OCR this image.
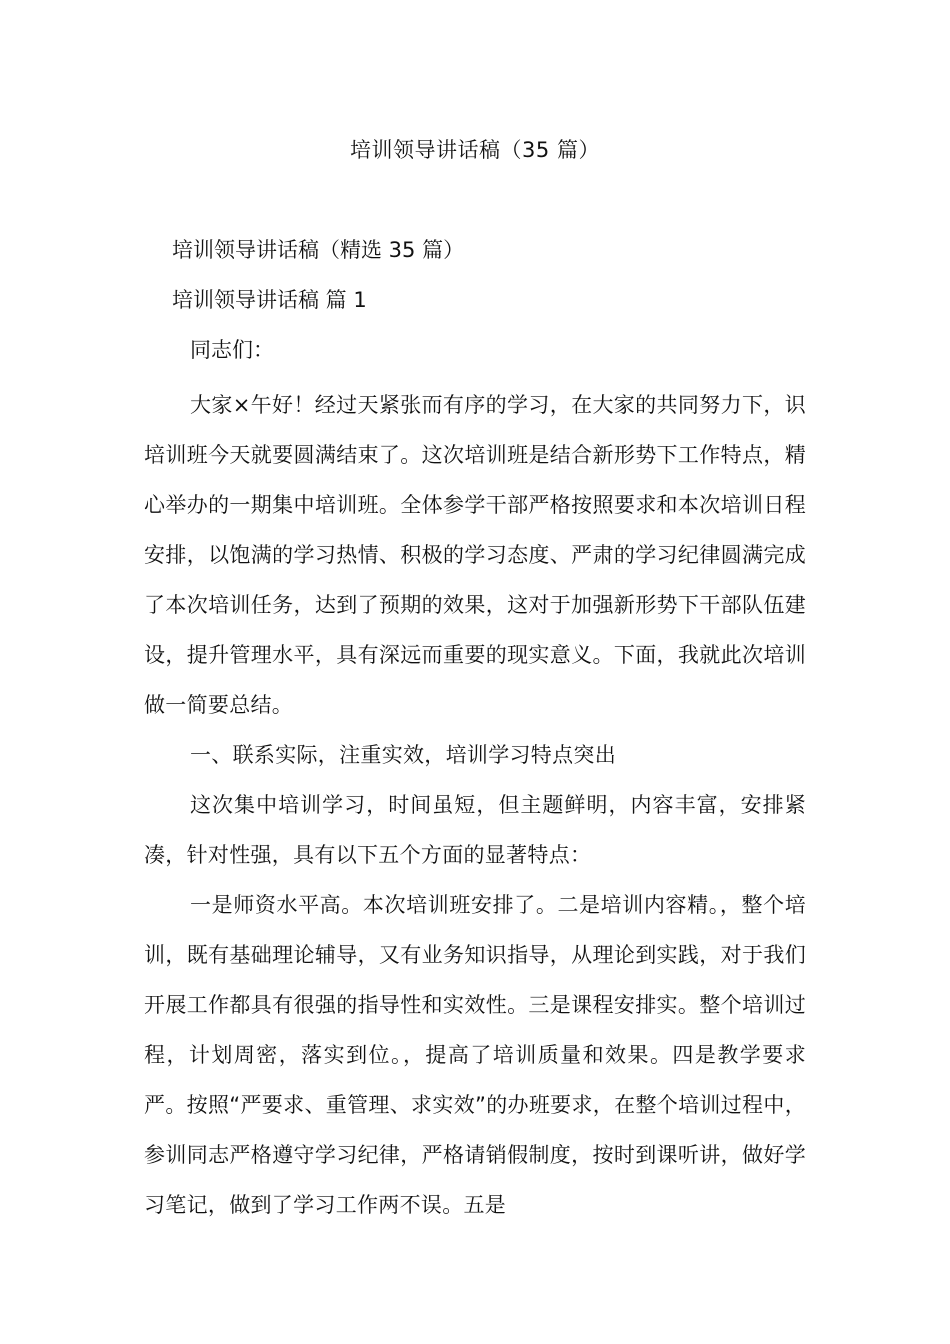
培训领导讲话稿（35 篇）
培训领导讲话稿（精选 35 篇）
培训领导讲话稿 篇 1
同志们：

大家×午好！经过天紧张而有序的学习，在大家的共同努力下，识培训班今天就要圆满结束了。这次培训班是结合新形势下工作特点，精心举办的一期集中培训班。全体参学干部严格按照要求和本次培训日程安排，以饱满的学习热情、积极的学习态度、严肃的学习纪律圆满完成了本次培训任务，达到了预期的效果，这对于加强新形势下干部队伍建设，提升管理水平，具有深远而重要的现实意义。下面，我就此次培训做一简要总结。

一、联系实际，注重实效，培训学习特点突出

这次集中培训学习，时间虽短，但主题鲜明，内容丰富，安排紧凑，针对性强，具有以下五个方面的显著特点：

一是师资水平高。本次培训班安排了。二是培训内容精。，整个培训，既有基础理论辅导，又有业务知识指导，从理论到实践，对于我们开展工作都具有很强的指导性和实效性。三是课程安排实。整个培训过程，计划周密，落实到位。，提高了培训质量和效果。四是教学要求严。按照“严要求、重管理、求实效”的办班要求，在整个培训过程中，参训同志严格遵守学习纪律，严格请销假制度，按时到课听讲，做好学习笔记，做到了学习工作两不误。五是
